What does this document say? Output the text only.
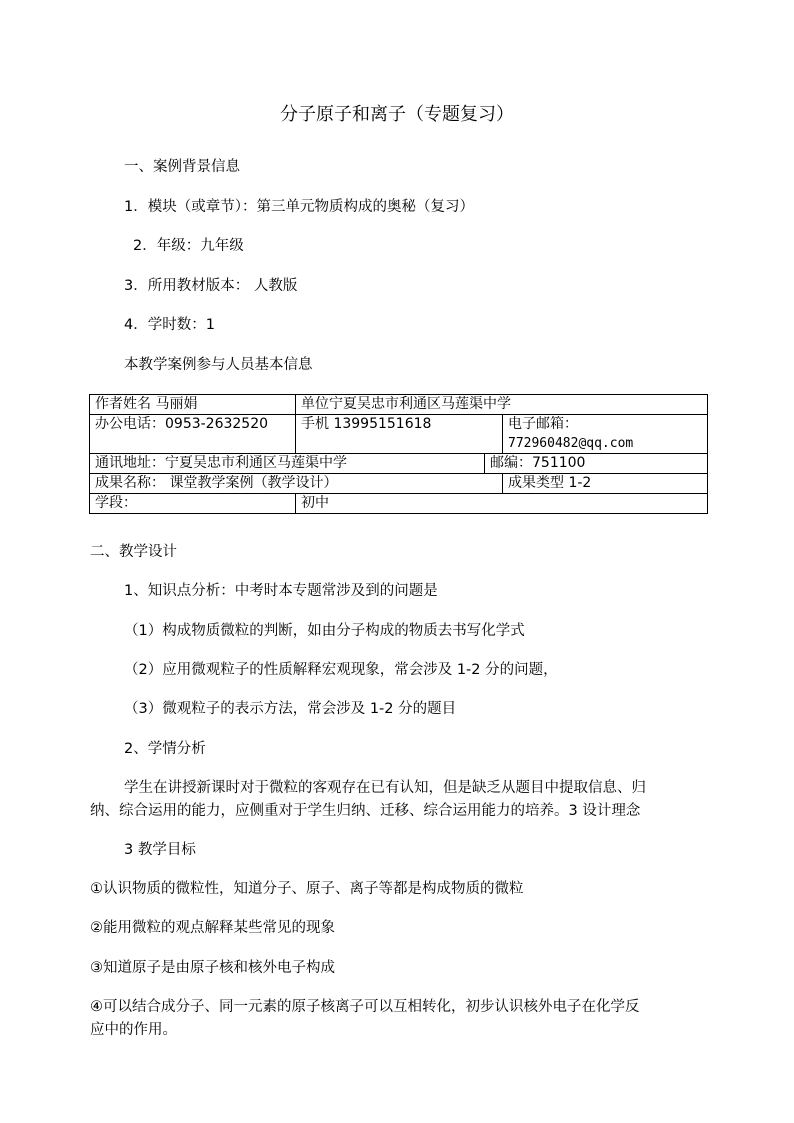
分子原子和离子（专题复习）
一、案例背景信息
1．模块（或章节）：第三单元物质构成的奥秘（复习）
2．年级：九年级
3．所用教材版本： 人教版
4．学时数：1
本教学案例参与人员基本信息
作者姓名 马丽娟	单位宁夏吴忠市利通区马莲渠中学		
办公电话：0953-2632520	手机 13995151618		电子邮箱：
772960482@qq.com

通讯地址：宁夏吴忠市利通区马莲渠中学		邮编：751100	
成果名称： 课堂教学案例（教学设计）			成果类型 1-2
学段：	初中		
二、教学设计
1、知识点分析：中考时本专题常涉及到的问题是
（1）构成物质微粒的判断，如由分子构成的物质去书写化学式
（2）应用微观粒子的性质解释宏观现象，常会涉及 1-2 分的问题，
（3）微观粒子的表示方法，常会涉及 1-2 分的题目
2、学情分析
学生在讲授新课时对于微粒的客观存在已有认知，但是缺乏从题目中提取信息、归
纳、综合运用的能力，应侧重对于学生归纳、迁移、综合运用能力的培养。3 设计理念
3 教学目标
①认识物质的微粒性，知道分子、原子、离子等都是构成物质的微粒
②能用微粒的观点解释某些常见的现象
③知道原子是由原子核和核外电子构成
④可以结合成分子、同一元素的原子核离子可以互相转化，初步认识核外电子在化学反
应中的作用。
